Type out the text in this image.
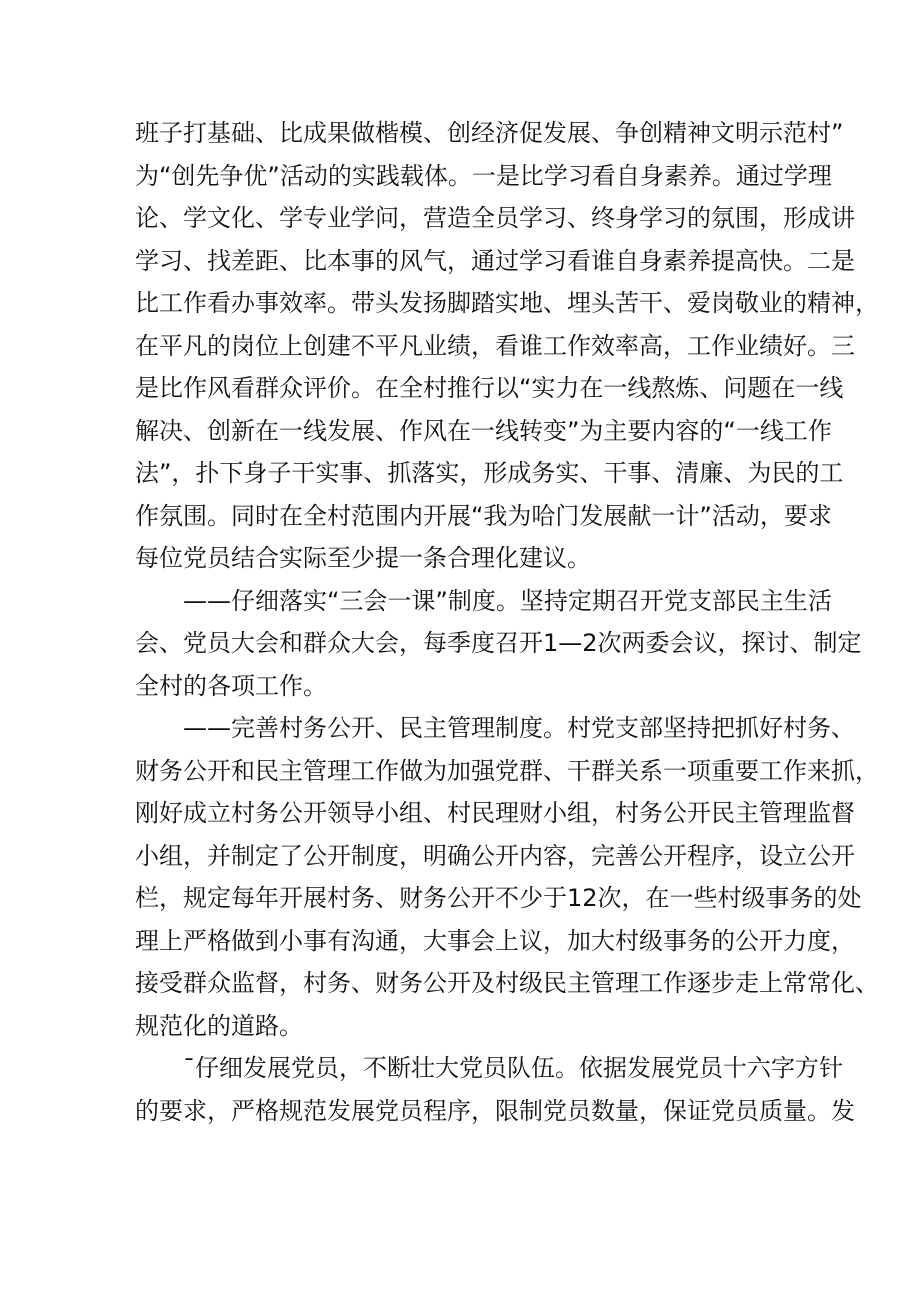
班子打基础、比成果做楷模、创经济促发展、争创精神文明示范村”
为“创先争优”活动的实践载体。一是比学习看自身素养。通过学理
论、学文化、学专业学问，营造全员学习、终身学习的氛围，形成讲
学习、找差距、比本事的风气，通过学习看谁自身素养提高快。二是
比工作看办事效率。带头发扬脚踏实地、埋头苦干、爱岗敬业的精神，
在平凡的岗位上创建不平凡业绩，看谁工作效率高，工作业绩好。三
是比作风看群众评价。在全村推行以“实力在一线熬炼、问题在一线
解决、创新在一线发展、作风在一线转变”为主要内容的“一线工作
法”，扑下身子干实事、抓落实，形成务实、干事、清廉、为民的工
作氛围。同时在全村范围内开展“我为哈门发展献一计”活动，要求
每位党员结合实际至少提一条合理化建议。
——仔细落实“三会一课”制度。坚持定期召开党支部民主生活
会、党员大会和群众大会，每季度召开1—2次两委会议，探讨、制定
全村的各项工作。
——完善村务公开、民主管理制度。村党支部坚持把抓好村务、
财务公开和民主管理工作做为加强党群、干群关系一项重要工作来抓，
刚好成立村务公开领导小组、村民理财小组，村务公开民主管理监督
小组，并制定了公开制度，明确公开内容，完善公开程序，设立公开
栏，规定每年开展村务、财务公开不少于12次，在一些村级事务的处
理上严格做到小事有沟通，大事会上议，加大村级事务的公开力度，
接受群众监督，村务、财务公开及村级民主管理工作逐步走上常常化、
规范化的道路。
¯仔细发展党员，不断壮大党员队伍。依据发展党员十六字方针
的要求，严格规范发展党员程序，限制党员数量，保证党员质量。发
